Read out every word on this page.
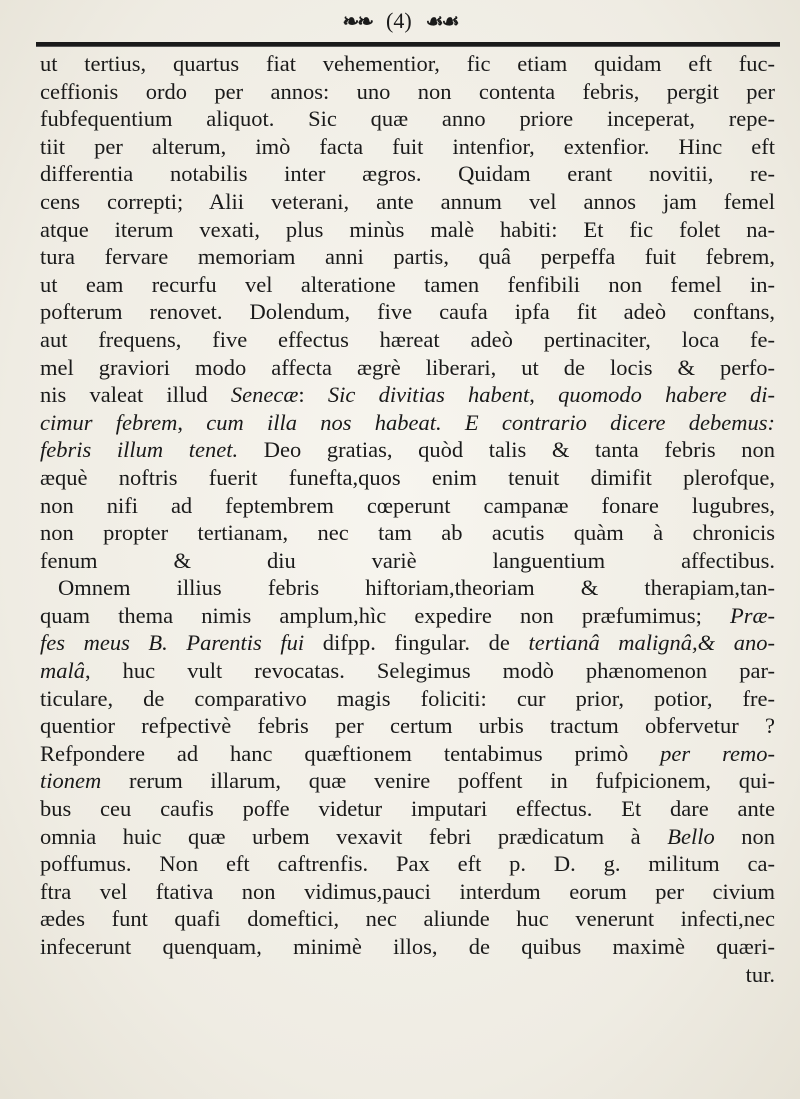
❧❧ (4) ☙☙
ut tertius, quartus fiat vehementior, fic etiam quidam eft fuc-
ceffionis ordo per annos: uno non contenta febris, pergit per
fubfequentium aliquot. Sic quæ anno priore inceperat, repe-
tiit per alterum, imò facta fuit intenfior, extenfior. Hinc eft
differentia notabilis inter ægros. Quidam erant novitii, re-
cens correpti; Alii veterani, ante annum vel annos jam femel
atque iterum vexati, plus minùs malè habiti: Et fic folet na-
tura fervare memoriam anni partis, quâ perpeffa fuit febrem,
ut eam recurfu vel alteratione tamen fenfibili non femel in-
pofterum renovet. Dolendum, five caufa ipfa fit adeò conftans,
aut frequens, five effectus hæreat adeò pertinaciter, loca fe-
mel graviori modo affecta ægrè liberari, ut de locis & perfo-
nis valeat illud Senecæ: Sic divitias habent, quomodo habere di-
cimur febrem, cum illa nos habeat. E contrario dicere debemus:
febris illum tenet. Deo gratias, quòd talis & tanta febris non
æquè noftris fuerit funefta,quos enim tenuit dimifit plerofque,
non nifi ad feptembrem cœperunt campanæ fonare lugubres,
non propter tertianam, nec tam ab acutis quàm à chronicis
fenum & diu variè languentium affectibus.
Omnem illius febris hiftoriam,theoriam & therapiam,tan-
quam thema nimis amplum,hìc expedire non præfumimus; Præ-
fes meus B. Parentis fui difpp. fingular. de tertianâ malignâ,& ano-
malâ, huc vult revocatas. Selegimus modò phænomenon par-
ticulare, de comparativo magis foliciti: cur prior, potior, fre-
quentior refpectivè febris per certum urbis tractum obfervetur ?
Refpondere ad hanc quæftionem tentabimus primò per remo-
tionem rerum illarum, quæ venire poffent in fufpicionem, qui-
bus ceu caufis poffe videtur imputari effectus. Et dare ante
omnia huic quæ urbem vexavit febri prædicatum à Bello non
poffumus. Non eft caftrenfis. Pax eft p. D. g. militum ca-
ftra vel ftativa non vidimus,pauci interdum eorum per civium
ædes funt quafi domeftici, nec aliunde huc venerunt infecti,nec
infecerunt quenquam, minimè illos, de quibus maximè quæri-
tur.
